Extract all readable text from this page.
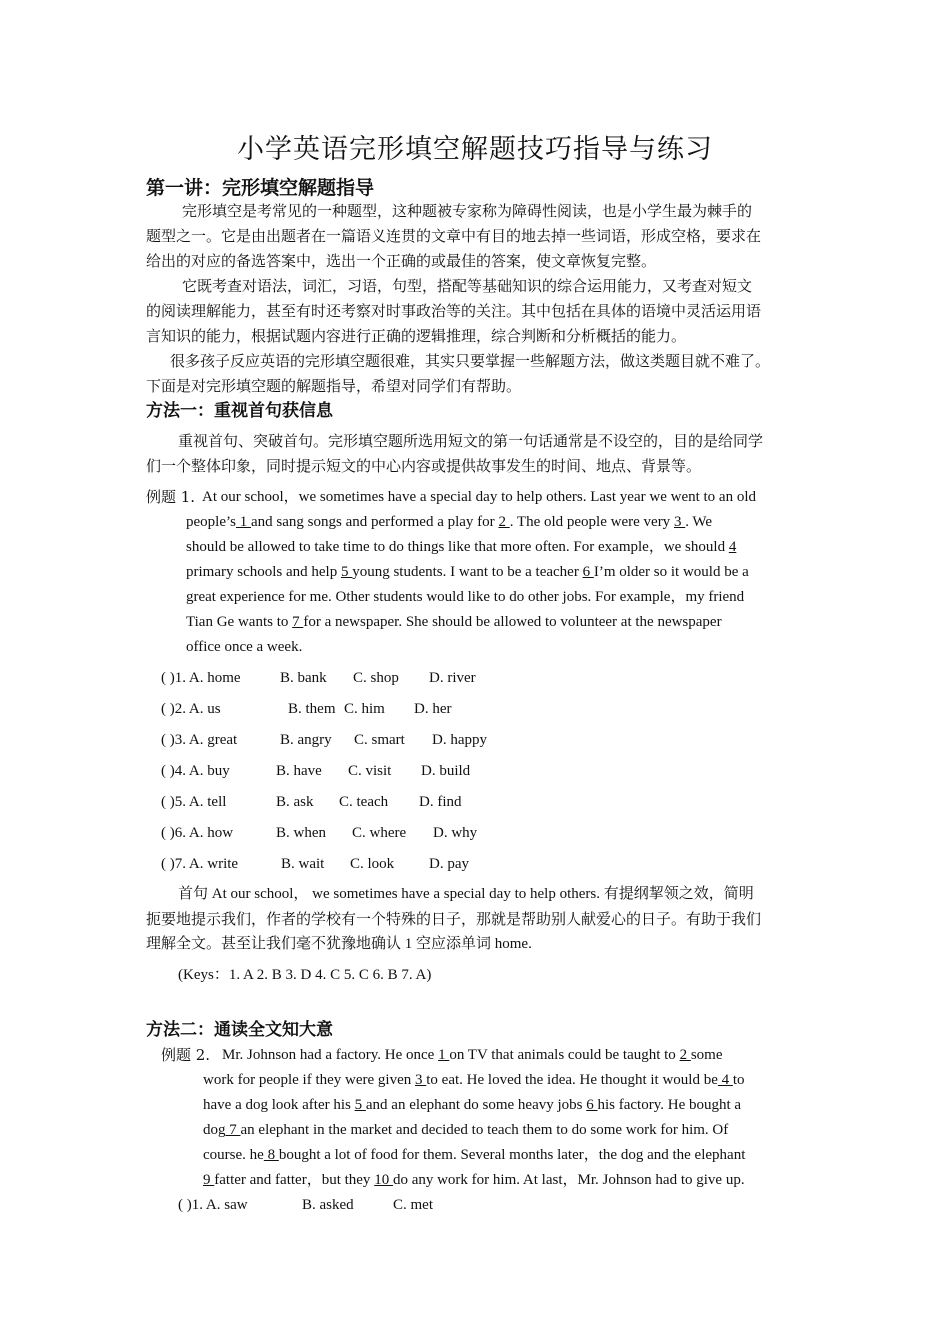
小学英语完形填空解题技巧指导与练习
第一讲：完形填空解题指导
完形填空是考常见的一种题型，这种题被专家称为障碍性阅读，也是小学生最为棘手的
题型之一。它是由出题者在一篇语义连贯的文章中有目的地去掉一些词语，形成空格，要求在
给出的对应的备选答案中，选出一个正确的或最佳的答案，使文章恢复完整。
它既考查对语法，词汇，习语，句型，搭配等基础知识的综合运用能力，又考查对短文
的阅读理解能力，甚至有时还考察对时事政治等的关注。其中包括在具体的语境中灵活运用语
言知识的能力，根据试题内容进行正确的逻辑推理，综合判断和分析概括的能力。
很多孩子反应英语的完形填空题很难，其实只要掌握一些解题方法，做这类题目就不难了。
下面是对完形填空题的解题指导，希望对同学们有帮助。
方法一：重视首句获信息
重视首句、突破首句。完形填空题所选用短文的第一句话通常是不设空的，目的是给同学
们一个整体印象，同时提示短文的中心内容或提供故事发生的时间、地点、背景等。
例题 1. At our school，we sometimes have a special day to help others. Last year we went to an old
people’s 1 and sang songs and performed a play for 2 . The old people were very 3 . We
should be allowed to take time to do things like that more often. For example，we should 4
primary schools and help 5 young students. I want to be a teacher 6 I’m older so it would be a
great experience for me. Other students would like to do other jobs. For example，my friend
Tian Ge wants to 7 for a newspaper. She should be allowed to volunteer at the newspaper
office once a week.
( )1. A. home	B. bank C. shop D. river
( )2. A. us	B. them C. him D. her
( )3. A. great	B. angry C. smart D. happy
( )4. A. buy	B. have C. visit D. build
( )5. A. tell	B. ask C. teach D. find
( )6. A. how	B. when C. where D. why
( )7. A. write	B. wait C. look D. pay
首句 At our school， we sometimes have a special day to help others. 有提纲挈领之效，简明
扼要地提示我们，作者的学校有一个特殊的日子，那就是帮助别人献爱心的日子。有助于我们
理解全文。甚至让我们毫不犹豫地确认 1 空应添单词 home.
(Keys：1. A 2. B 3. D 4. C 5. C 6. B 7. A)
方法二：通读全文知大意
例题 2. Mr. Johnson had a factory. He once 1 on TV that animals could be taught to 2 some
work for people if they were given 3 to eat. He loved the idea. He thought it would be 4 to
have a dog look after his 5 and an elephant do some heavy jobs 6 his factory. He bought a
dog 7 an elephant in the market and decided to teach them to do some work for him. Of
course. he 8 bought a lot of food for them. Several months later，the dog and the elephant
9 fatter and fatter，but they 10 do any work for him. At last，Mr. Johnson had to give up.
( )1. A. saw	B. asked	C. met
